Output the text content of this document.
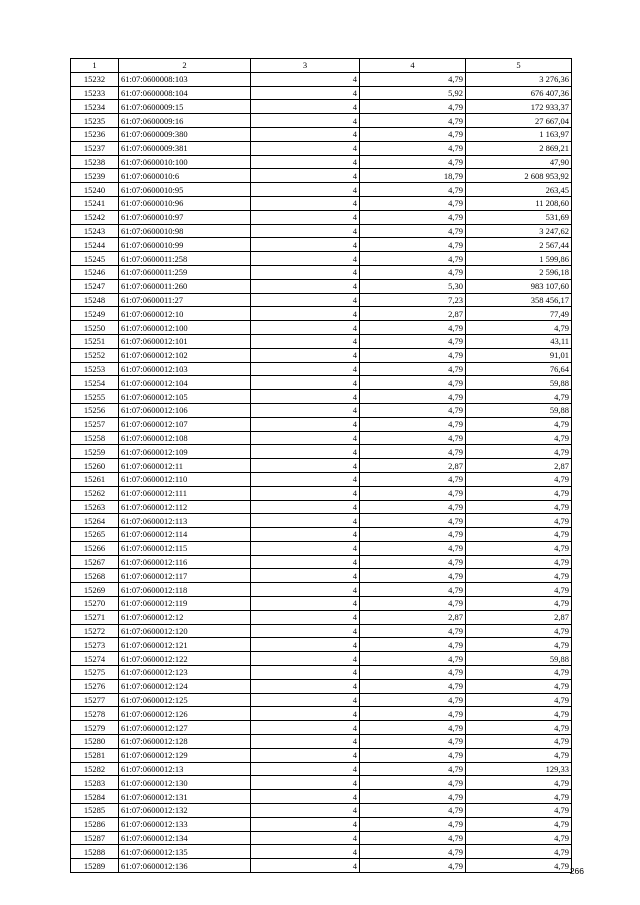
1	2	3	4	5
15232	61:07:0600008:103	4	4,79	3 276,36
15233	61:07:0600008:104	4	5,92	676 407,36
15234	61:07:0600009:15	4	4,79	172 933,37
15235	61:07:0600009:16	4	4,79	27 667,04
15236	61:07:0600009:380	4	4,79	1 163,97
15237	61:07:0600009:381	4	4,79	2 869,21
15238	61:07:0600010:100	4	4,79	47,90
15239	61:07:0600010:6	4	18,79	2 608 953,92
15240	61:07:0600010:95	4	4,79	263,45
15241	61:07:0600010:96	4	4,79	11 208,60
15242	61:07:0600010:97	4	4,79	531,69
15243	61:07:0600010:98	4	4,79	3 247,62
15244	61:07:0600010:99	4	4,79	2 567,44
15245	61:07:0600011:258	4	4,79	1 599,86
15246	61:07:0600011:259	4	4,79	2 596,18
15247	61:07:0600011:260	4	5,30	983 107,60
15248	61:07:0600011:27	4	7,23	358 456,17
15249	61:07:0600012:10	4	2,87	77,49
15250	61:07:0600012:100	4	4,79	4,79
15251	61:07:0600012:101	4	4,79	43,11
15252	61:07:0600012:102	4	4,79	91,01
15253	61:07:0600012:103	4	4,79	76,64
15254	61:07:0600012:104	4	4,79	59,88
15255	61:07:0600012:105	4	4,79	4,79
15256	61:07:0600012:106	4	4,79	59,88
15257	61:07:0600012:107	4	4,79	4,79
15258	61:07:0600012:108	4	4,79	4,79
15259	61:07:0600012:109	4	4,79	4,79
15260	61:07:0600012:11	4	2,87	2,87
15261	61:07:0600012:110	4	4,79	4,79
15262	61:07:0600012:111	4	4,79	4,79
15263	61:07:0600012:112	4	4,79	4,79
15264	61:07:0600012:113	4	4,79	4,79
15265	61:07:0600012:114	4	4,79	4,79
15266	61:07:0600012:115	4	4,79	4,79
15267	61:07:0600012:116	4	4,79	4,79
15268	61:07:0600012:117	4	4,79	4,79
15269	61:07:0600012:118	4	4,79	4,79
15270	61:07:0600012:119	4	4,79	4,79
15271	61:07:0600012:12	4	2,87	2,87
15272	61:07:0600012:120	4	4,79	4,79
15273	61:07:0600012:121	4	4,79	4,79
15274	61:07:0600012:122	4	4,79	59,88
15275	61:07:0600012:123	4	4,79	4,79
15276	61:07:0600012:124	4	4,79	4,79
15277	61:07:0600012:125	4	4,79	4,79
15278	61:07:0600012:126	4	4,79	4,79
15279	61:07:0600012:127	4	4,79	4,79
15280	61:07:0600012:128	4	4,79	4,79
15281	61:07:0600012:129	4	4,79	4,79
15282	61:07:0600012:13	4	4,79	129,33
15283	61:07:0600012:130	4	4,79	4,79
15284	61:07:0600012:131	4	4,79	4,79
15285	61:07:0600012:132	4	4,79	4,79
15286	61:07:0600012:133	4	4,79	4,79
15287	61:07:0600012:134	4	4,79	4,79
15288	61:07:0600012:135	4	4,79	4,79
15289	61:07:0600012:136	4	4,79	4,79
266
